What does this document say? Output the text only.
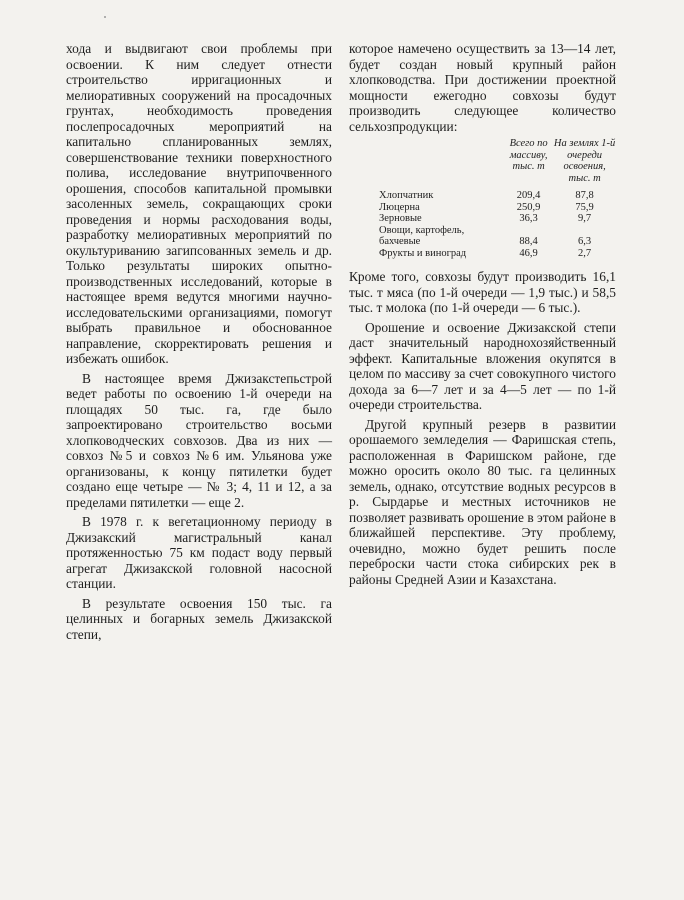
хода и выдвигают свои проблемы при освоении. К ним следует отнести строительство ирригационных и мелиоративных сооружений на просадочных грунтах, необходимость проведения послепросадочных мероприятий на капитально спланированных землях, совершенствование техники поверхностного полива, исследование внутрипочвенного орошения, способов капитальной промывки засоленных земель, сокращающих сроки проведения и нормы расходования воды, разработку мелиоративных мероприятий по окультуриванию загипсованных земель и др. Только результаты широких опытно-производственных исследований, которые в настоящее время ведутся многими научно-исследовательскими организациями, помогут выбрать правильное и обоснованное направление, скорректировать решения и избежать ошибок.

В настоящее время Джизакстепьстрой ведет работы по освоению 1-й очереди на площадях 50 тыс. га, где было запроектировано строительство восьми хлопководческих совхозов. Два из них — совхоз №5 и совхоз №6 им. Ульянова уже организованы, к концу пятилетки будет создано еще четыре — № 3; 4, 11 и 12, а за пределами пятилетки — еще 2.

В 1978 г. к вегетационному периоду в Джизакский магистральный канал протяженностью 75 км подаст воду первый агрегат Джизакской головной насосной станции.

В результате освоения 150 тыс. га целинных и богарных земель Джизакской степи,

которое намечено осуществить за 13—14 лет, будет создан новый крупный район хлопководства. При достижении проектной мощности ежегодно совхозы будут производить следующее количество сельхозпродукции:

	Всего по массиву, тыс. т	На землях 1-й очереди освоения, тыс. т
Хлопчатник	209,4	87,8
Люцерна	250,9	75,9
Зерновые	36,3	9,7
Овощи, картофель, бахчевые	88,4	6,3
Фрукты и виноград	46,9	2,7

Кроме того, совхозы будут производить 16,1 тыс. т мяса (по 1-й очереди — 1,9 тыс.) и 58,5 тыс. т молока (по 1-й очереди — 6 тыс.).

Орошение и освоение Джизакской степи даст значительный народнохозяйственный эффект. Капитальные вложения окупятся в целом по массиву за счет совокупного чистого дохода за 6—7 лет и за 4—5 лет — по 1-й очереди строительства.

Другой крупный резерв в развитии орошаемого земледелия — Фаришская степь, расположенная в Фаришском районе, где можно оросить около 80 тыс. га целинных земель, однако, отсутствие водных ресурсов в р. Сырдарье и местных источников не позволяет развивать орошение в этом районе в ближайшей перспективе. Эту проблему, очевидно, можно будет решить после переброски части стока сибирских рек в районы Средней Азии и Казахстана.
